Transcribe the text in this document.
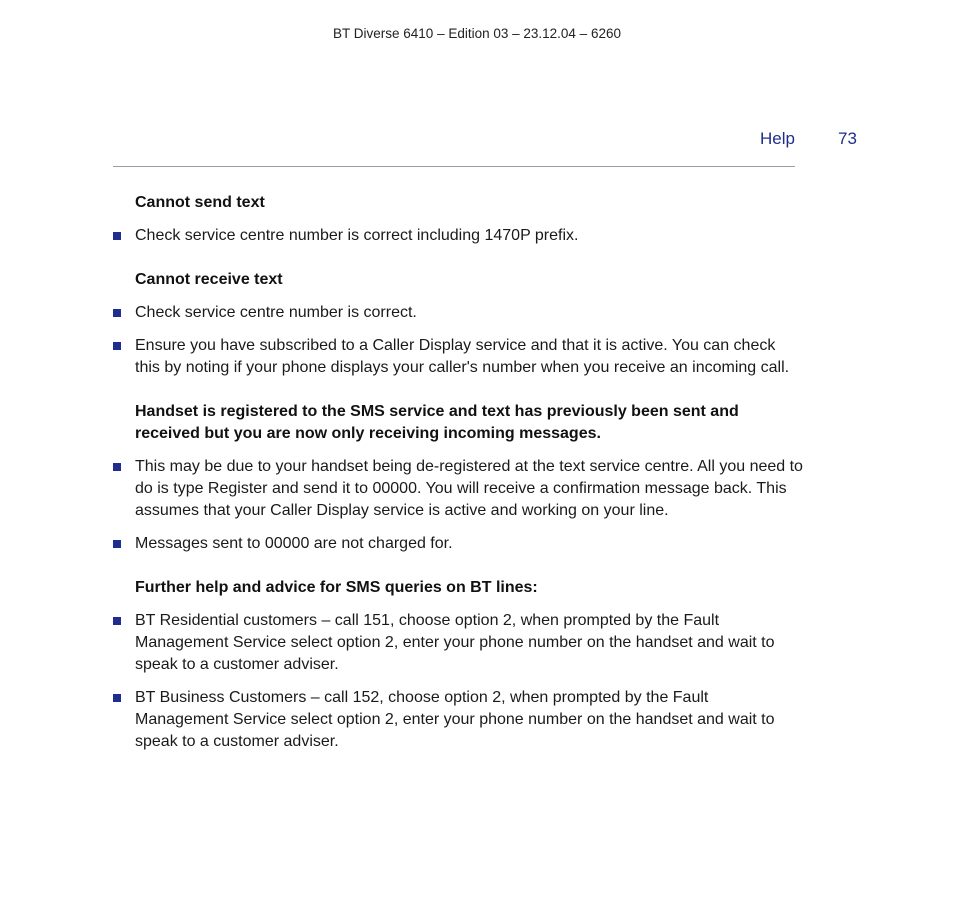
BT Diverse 6410 – Edition 03 – 23.12.04 – 6260
Help	73
Cannot send text
Check service centre number is correct including 1470P prefix.
Cannot receive text
Check service centre number is correct.
Ensure you have subscribed to a Caller Display service and that it is active. You can check this by noting if your phone displays your caller's number when you receive an incoming call.
Handset is registered to the SMS service and text has previously been sent and received but you are now only receiving incoming messages.
This may be due to your handset being de-registered at the text service centre. All you need to do is type Register and send it to 00000. You will receive a confirmation message back. This assumes that your Caller Display service is active and working on your line.
Messages sent to 00000 are not charged for.
Further help and advice for SMS queries on BT lines:
BT Residential customers – call 151, choose option 2, when prompted by the Fault Management Service select option 2, enter your phone number on the handset and wait to speak to a customer adviser.
BT Business Customers – call 152, choose option 2, when prompted by the Fault Management Service select option 2, enter your phone number on the handset and wait to speak to a customer adviser.
